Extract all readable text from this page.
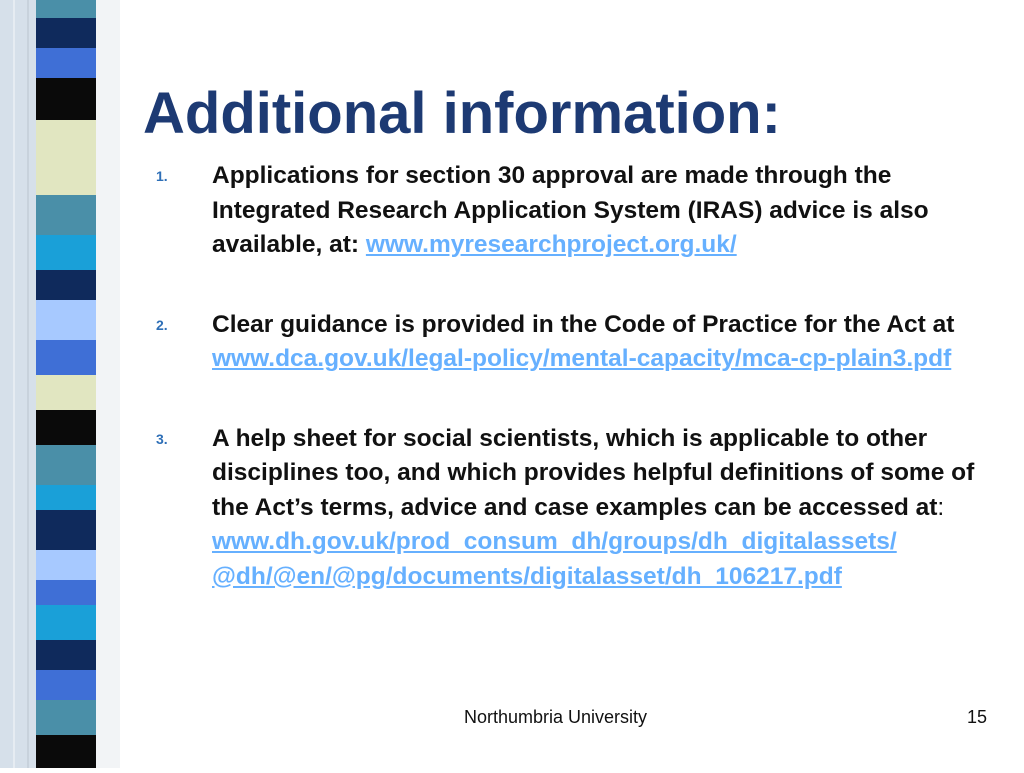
Additional information:
1. Applications for section 30 approval are made through the Integrated Research Application System (IRAS) advice is also available, at: www.myresearchproject.org.uk/
2. Clear guidance is provided in the Code of Practice for the Act at www.dca.gov.uk/legal-policy/mental-capacity/mca-cp-plain3.pdf
3. A help sheet for social scientists, which is applicable to other disciplines too, and which provides helpful definitions of some of the Act’s terms, advice and case examples can be accessed at:
www.dh.gov.uk/prod_consum_dh/groups/dh_digitalassets/
@dh/@en/@pg/documents/digitalasset/dh_106217.pdf
Northumbria University	15
